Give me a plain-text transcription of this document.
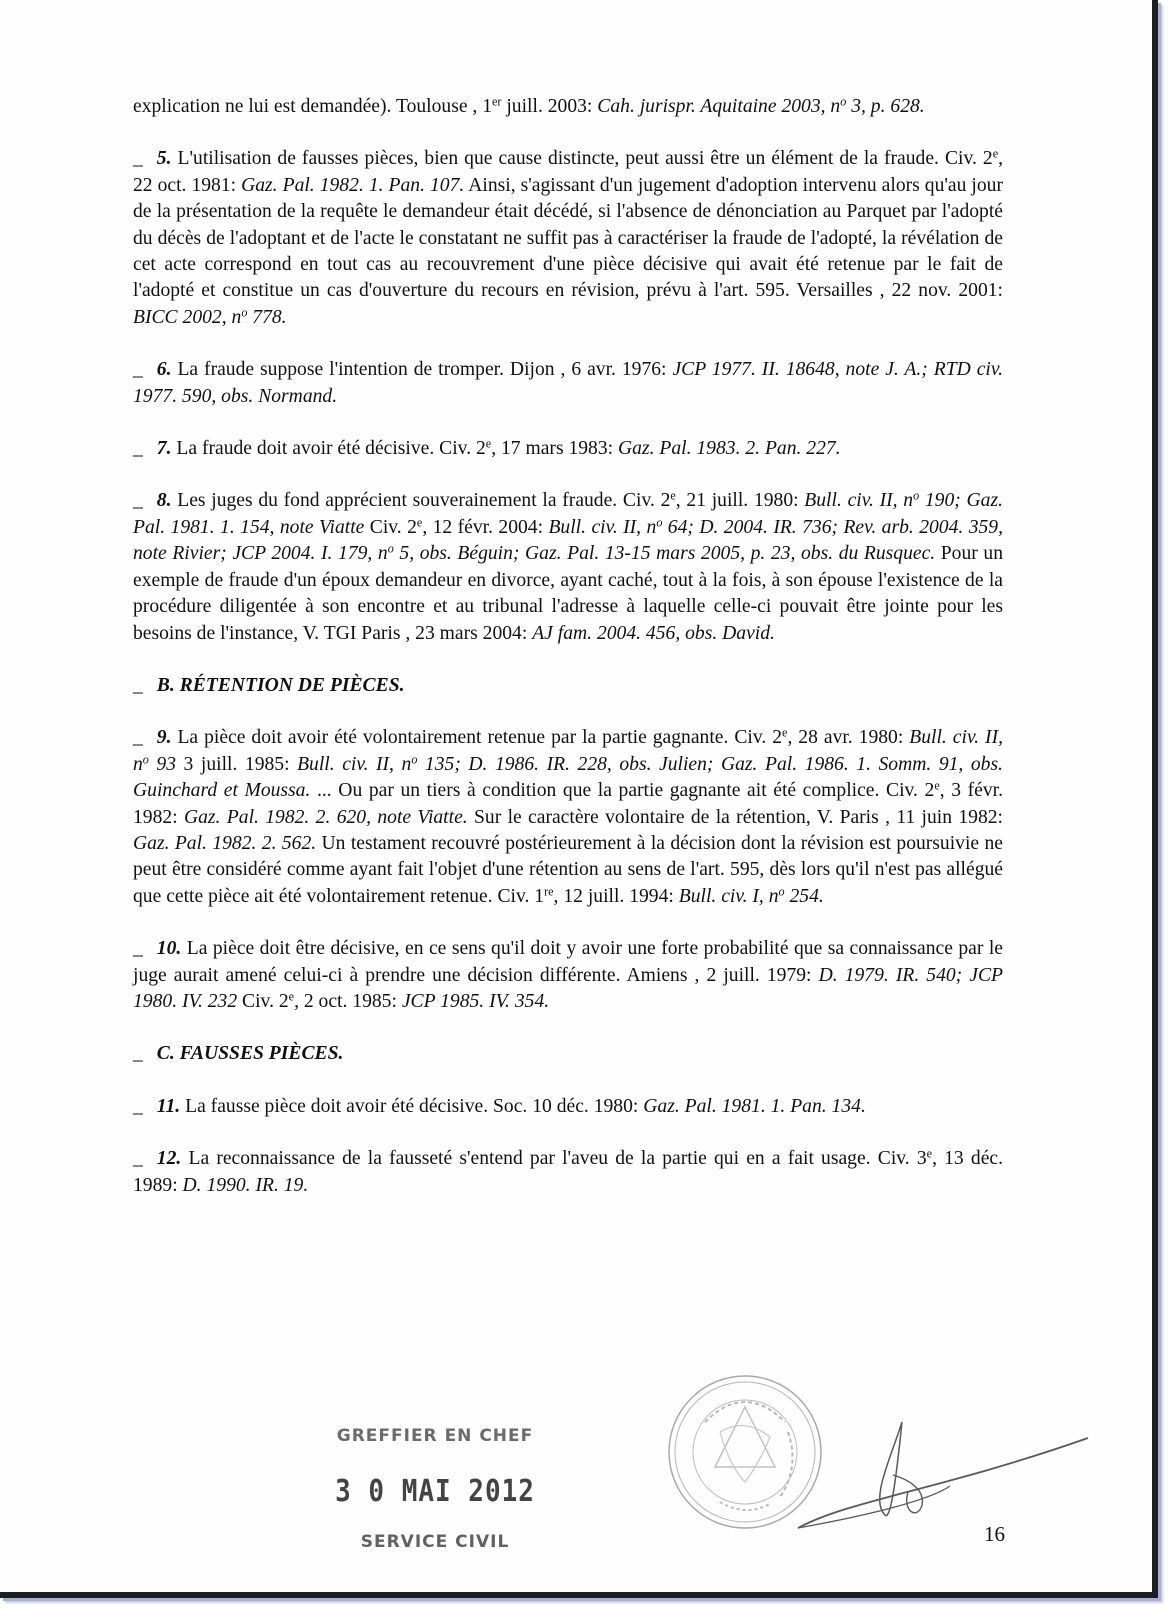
explication ne lui est demandée). Toulouse , 1er juill. 2003: Cah. jurispr. Aquitaine 2003, n$^o$ 3, p. 628.

_ 5. L'utilisation de fausses pièces, bien que cause distincte, peut aussi être un élément de la fraude. Civ. 2e, 22 oct. 1981: Gaz. Pal. 1982. 1. Pan. 107. Ainsi, s'agissant d'un jugement d'adoption intervenu alors qu'au jour de la présentation de la requête le demandeur était décédé, si l'absence de dénonciation au Parquet par l'adopté du décès de l'adoptant et de l'acte le constatant ne suffit pas à caractériser la fraude de l'adopté, la révélation de cet acte correspond en tout cas au recouvrement d'une pièce décisive qui avait été retenue par le fait de l'adopté et constitue un cas d'ouverture du recours en révision, prévu à l'art. 595. Versailles , 22 nov. 2001: BICC 2002, n$^o$ 778.

_ 6. La fraude suppose l'intention de tromper. Dijon , 6 avr. 1976: JCP 1977. II. 18648, note J. A.; RTD civ. 1977. 590, obs. Normand.

_ 7. La fraude doit avoir été décisive. Civ. 2e, 17 mars 1983: Gaz. Pal. 1983. 2. Pan. 227.

_ 8. Les juges du fond apprécient souverainement la fraude. Civ. 2e, 21 juill. 1980: Bull. civ. II, n$^o$ 190; Gaz. Pal. 1981. 1. 154, note Viatte Civ. 2e, 12 févr. 2004: Bull. civ. II, n$^o$ 64; D. 2004. IR. 736; Rev. arb. 2004. 359, note Rivier; JCP 2004. I. 179, n$^o$ 5, obs. Béguin; Gaz. Pal. 13-15 mars 2005, p. 23, obs. du Rusquec. Pour un exemple de fraude d'un époux demandeur en divorce, ayant caché, tout à la fois, à son épouse l'existence de la procédure diligentée à son encontre et au tribunal l'adresse à laquelle celle-ci pouvait être jointe pour les besoins de l'instance, V. TGI Paris , 23 mars 2004: AJ fam. 2004. 456, obs. David.

_ B. RÉTENTION DE PIÈCES.

_ 9. La pièce doit avoir été volontairement retenue par la partie gagnante. Civ. 2e, 28 avr. 1980: Bull. civ. II, n$^o$ 93 3 juill. 1985: Bull. civ. II, n$^o$ 135; D. 1986. IR. 228, obs. Julien; Gaz. Pal. 1986. 1. Somm. 91, obs. Guinchard et Moussa. ... Ou par un tiers à condition que la partie gagnante ait été complice. Civ. 2e, 3 févr. 1982: Gaz. Pal. 1982. 2. 620, note Viatte. Sur le caractère volontaire de la rétention, V. Paris , 11 juin 1982: Gaz. Pal. 1982. 2. 562. Un testament recouvré postérieurement à la décision dont la révision est poursuivie ne peut être considéré comme ayant fait l'objet d'une rétention au sens de l'art. 595, dès lors qu'il n'est pas allégué que cette pièce ait été volontairement retenue. Civ. 1re, 12 juill. 1994: Bull. civ. I, n$^o$ 254.

_ 10. La pièce doit être décisive, en ce sens qu'il doit y avoir une forte probabilité que sa connaissance par le juge aurait amené celui-ci à prendre une décision différente. Amiens , 2 juill. 1979: D. 1979. IR. 540; JCP 1980. IV. 232 Civ. 2e, 2 oct. 1985: JCP 1985. IV. 354.

_ C. FAUSSES PIÈCES.

_ 11. La fausse pièce doit avoir été décisive. Soc. 10 déc. 1980: Gaz. Pal. 1981. 1. Pan. 134.

_ 12. La reconnaissance de la fausseté s'entend par l'aveu de la partie qui en a fait usage. Civ. 3e, 13 déc. 1989: D. 1990. IR. 19.

GREFFIER EN CHEF
3 0 MAI 2012
SERVICE CIVIL	16
